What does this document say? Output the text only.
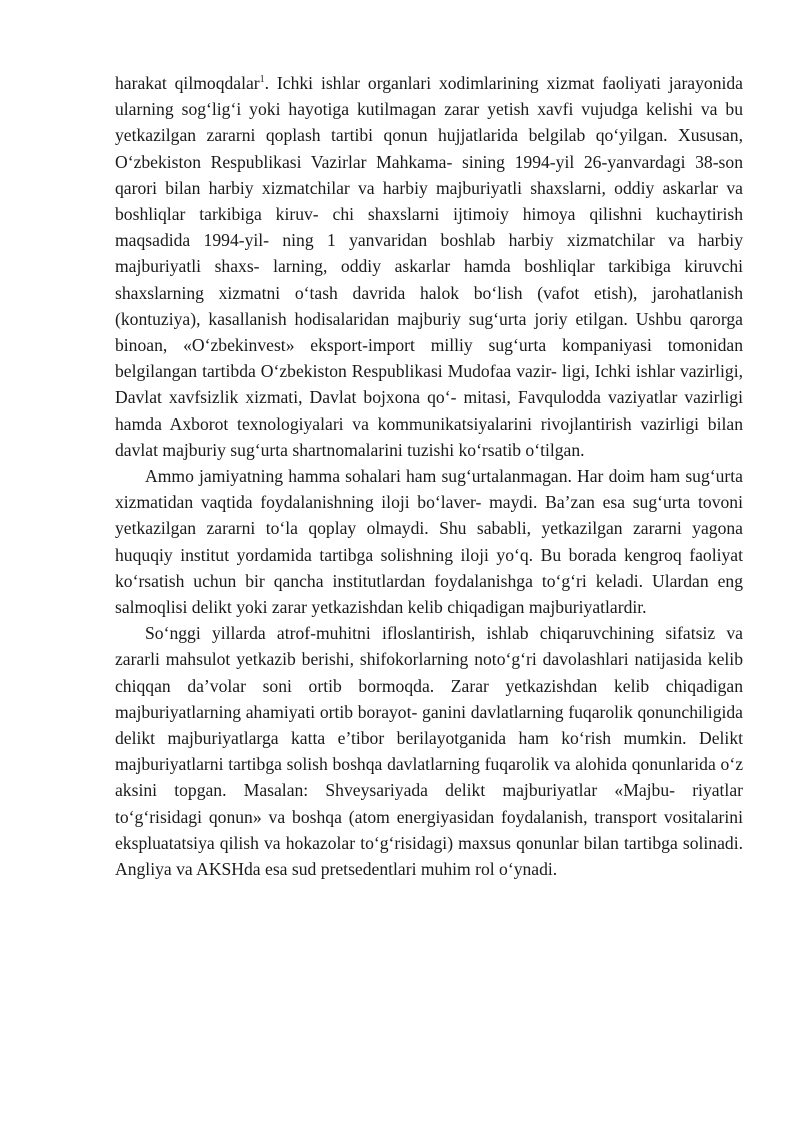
harakat qilmoqdalar$^1$. Ichki ishlar organlari xodimlarining xizmat faoliyati jarayonida ularning sog‘lig‘i yoki hayotiga kutilmagan zarar yetish xavfi vujudga kelishi va bu yetkazilgan zararni qoplash tartibi qonun hujjatlarida belgilab qo‘yilgan. Xususan, O‘zbekiston Respublikasi Vazirlar Mahkama- sining 1994-yil 26-yanvardagi 38-son qarori bilan harbiy xizmatchilar va harbiy majburiyatli shaxslarni, oddiy askarlar va boshliqlar tarkibiga kiruv- chi shaxslarni ijtimoiy himoya qilishni kuchaytirish maqsadida 1994-yil- ning 1 yanvaridan boshlab harbiy xizmatchilar va harbiy majburiyatli shaxs- larning, oddiy askarlar hamda boshliqlar tarkibiga kiruvchi shaxslarning xizmatni o‘tash davrida halok bo‘lish (vafot etish), jarohatlanish (kontuziya), kasallanish hodisalaridan majburiy sug‘urta joriy etilgan. Ushbu qarorga binoan, «O‘zbekinvest» eksport-import milliy sug‘urta kompaniyasi tomonidan belgilangan tartibda O‘zbekiston Respublikasi Mudofaa vazir- ligi, Ichki ishlar vazirligi, Davlat xavfsizlik xizmati, Davlat bojxona qo‘- mitasi, Favqulodda vaziyatlar vazirligi hamda Axborot texnologiyalari va kommunikatsiyalarini rivojlantirish vazirligi bilan davlat majburiy sug‘urta shartnomalarini tuzishi ko‘rsatib o‘tilgan.

Ammo jamiyatning hamma sohalari ham sug‘urtalanmagan. Har doim ham sug‘urta xizmatidan vaqtida foydalanishning iloji bo‘laver- maydi. Ba’zan esa sug‘urta tovoni yetkazilgan zararni to‘la qoplay olmaydi. Shu sababli, yetkazilgan zararni yagona huquqiy institut yordamida tartibga solishning iloji yo‘q. Bu borada kengroq faoliyat ko‘rsatish uchun bir qancha institutlardan foydalanishga to‘g‘ri keladi. Ulardan eng salmoqlisi delikt yoki zarar yetkazishdan kelib chiqadigan majburiyatlardir.

So‘nggi yillarda atrof-muhitni ifloslantirish, ishlab chiqaruvchining sifatsiz va zararli mahsulot yetkazib berishi, shifokorlarning noto‘g‘ri davolashlari natijasida kelib chiqqan da’volar soni ortib bormoqda. Zarar yetkazishdan kelib chiqadigan majburiyatlarning ahamiyati ortib borayot- ganini davlatlarning fuqarolik qonunchiligida delikt majburiyatlarga katta e’tibor berilayotganida ham ko‘rish mumkin. Delikt majburiyatlarni tartibga solish boshqa davlatlarning fuqarolik va alohida qonunlarida o‘z aksini topgan. Masalan: Shveysariyada delikt majburiyatlar «Majbu- riyatlar to‘g‘risidagi qonun» va boshqa (atom energiyasidan foydalanish, transport vositalarini ekspluatatsiya qilish va hokazolar to‘g‘risidagi) maxsus qonunlar bilan tartibga solinadi. Angliya va AKSHda esa sud pretsedentlari muhim rol o‘ynadi.
